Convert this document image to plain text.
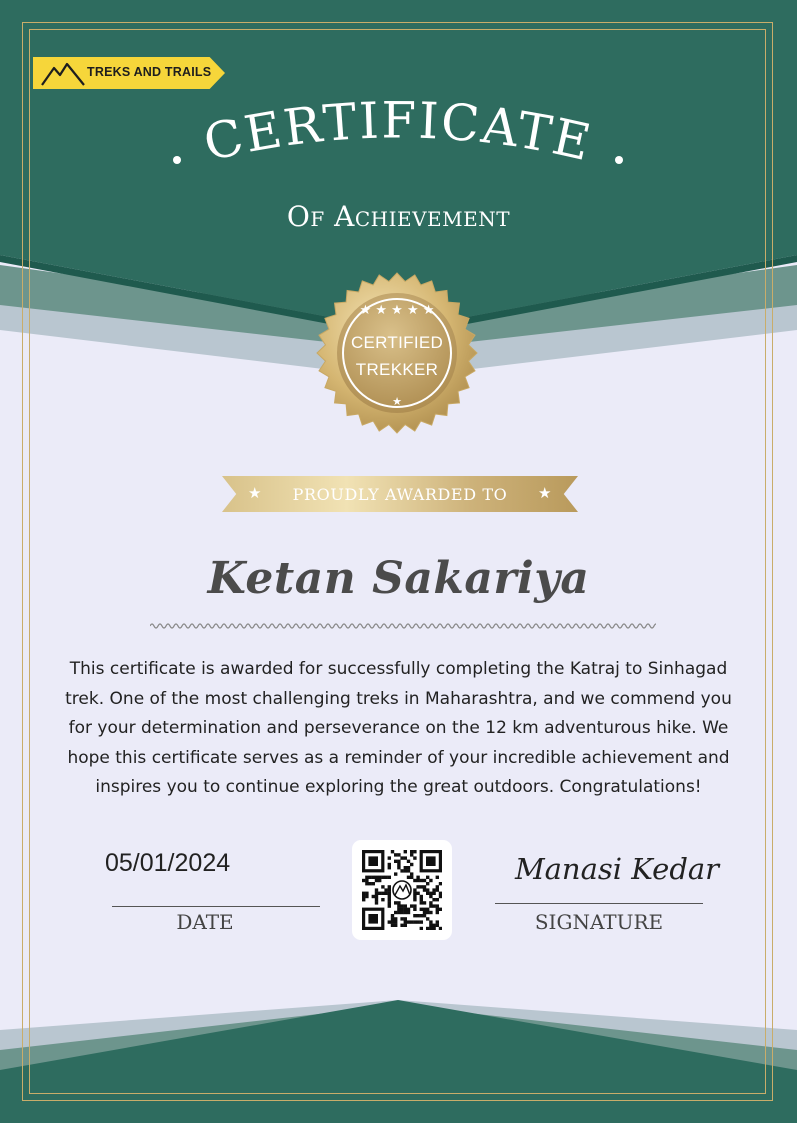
TREKS AND TRAILS
CERTIFICATE
Of Achievement
★ ★ ★ ★ ★
★
CERTIFIED
TREKKER
★	★
PROUDLY AWARDED TO
Ketan Sakariya
This certificate is awarded for successfully completing the Katraj to Sinhagad trek. One of the most challenging treks in Maharashtra, and we commend you for your determination and perseverance on the 12 km adventurous hike. We hope this certificate serves as a reminder of your incredible achievement and inspires you to continue exploring the great outdoors. Congratulations!
05/01/2024
DATE
Manasi Kedar
SIGNATURE
